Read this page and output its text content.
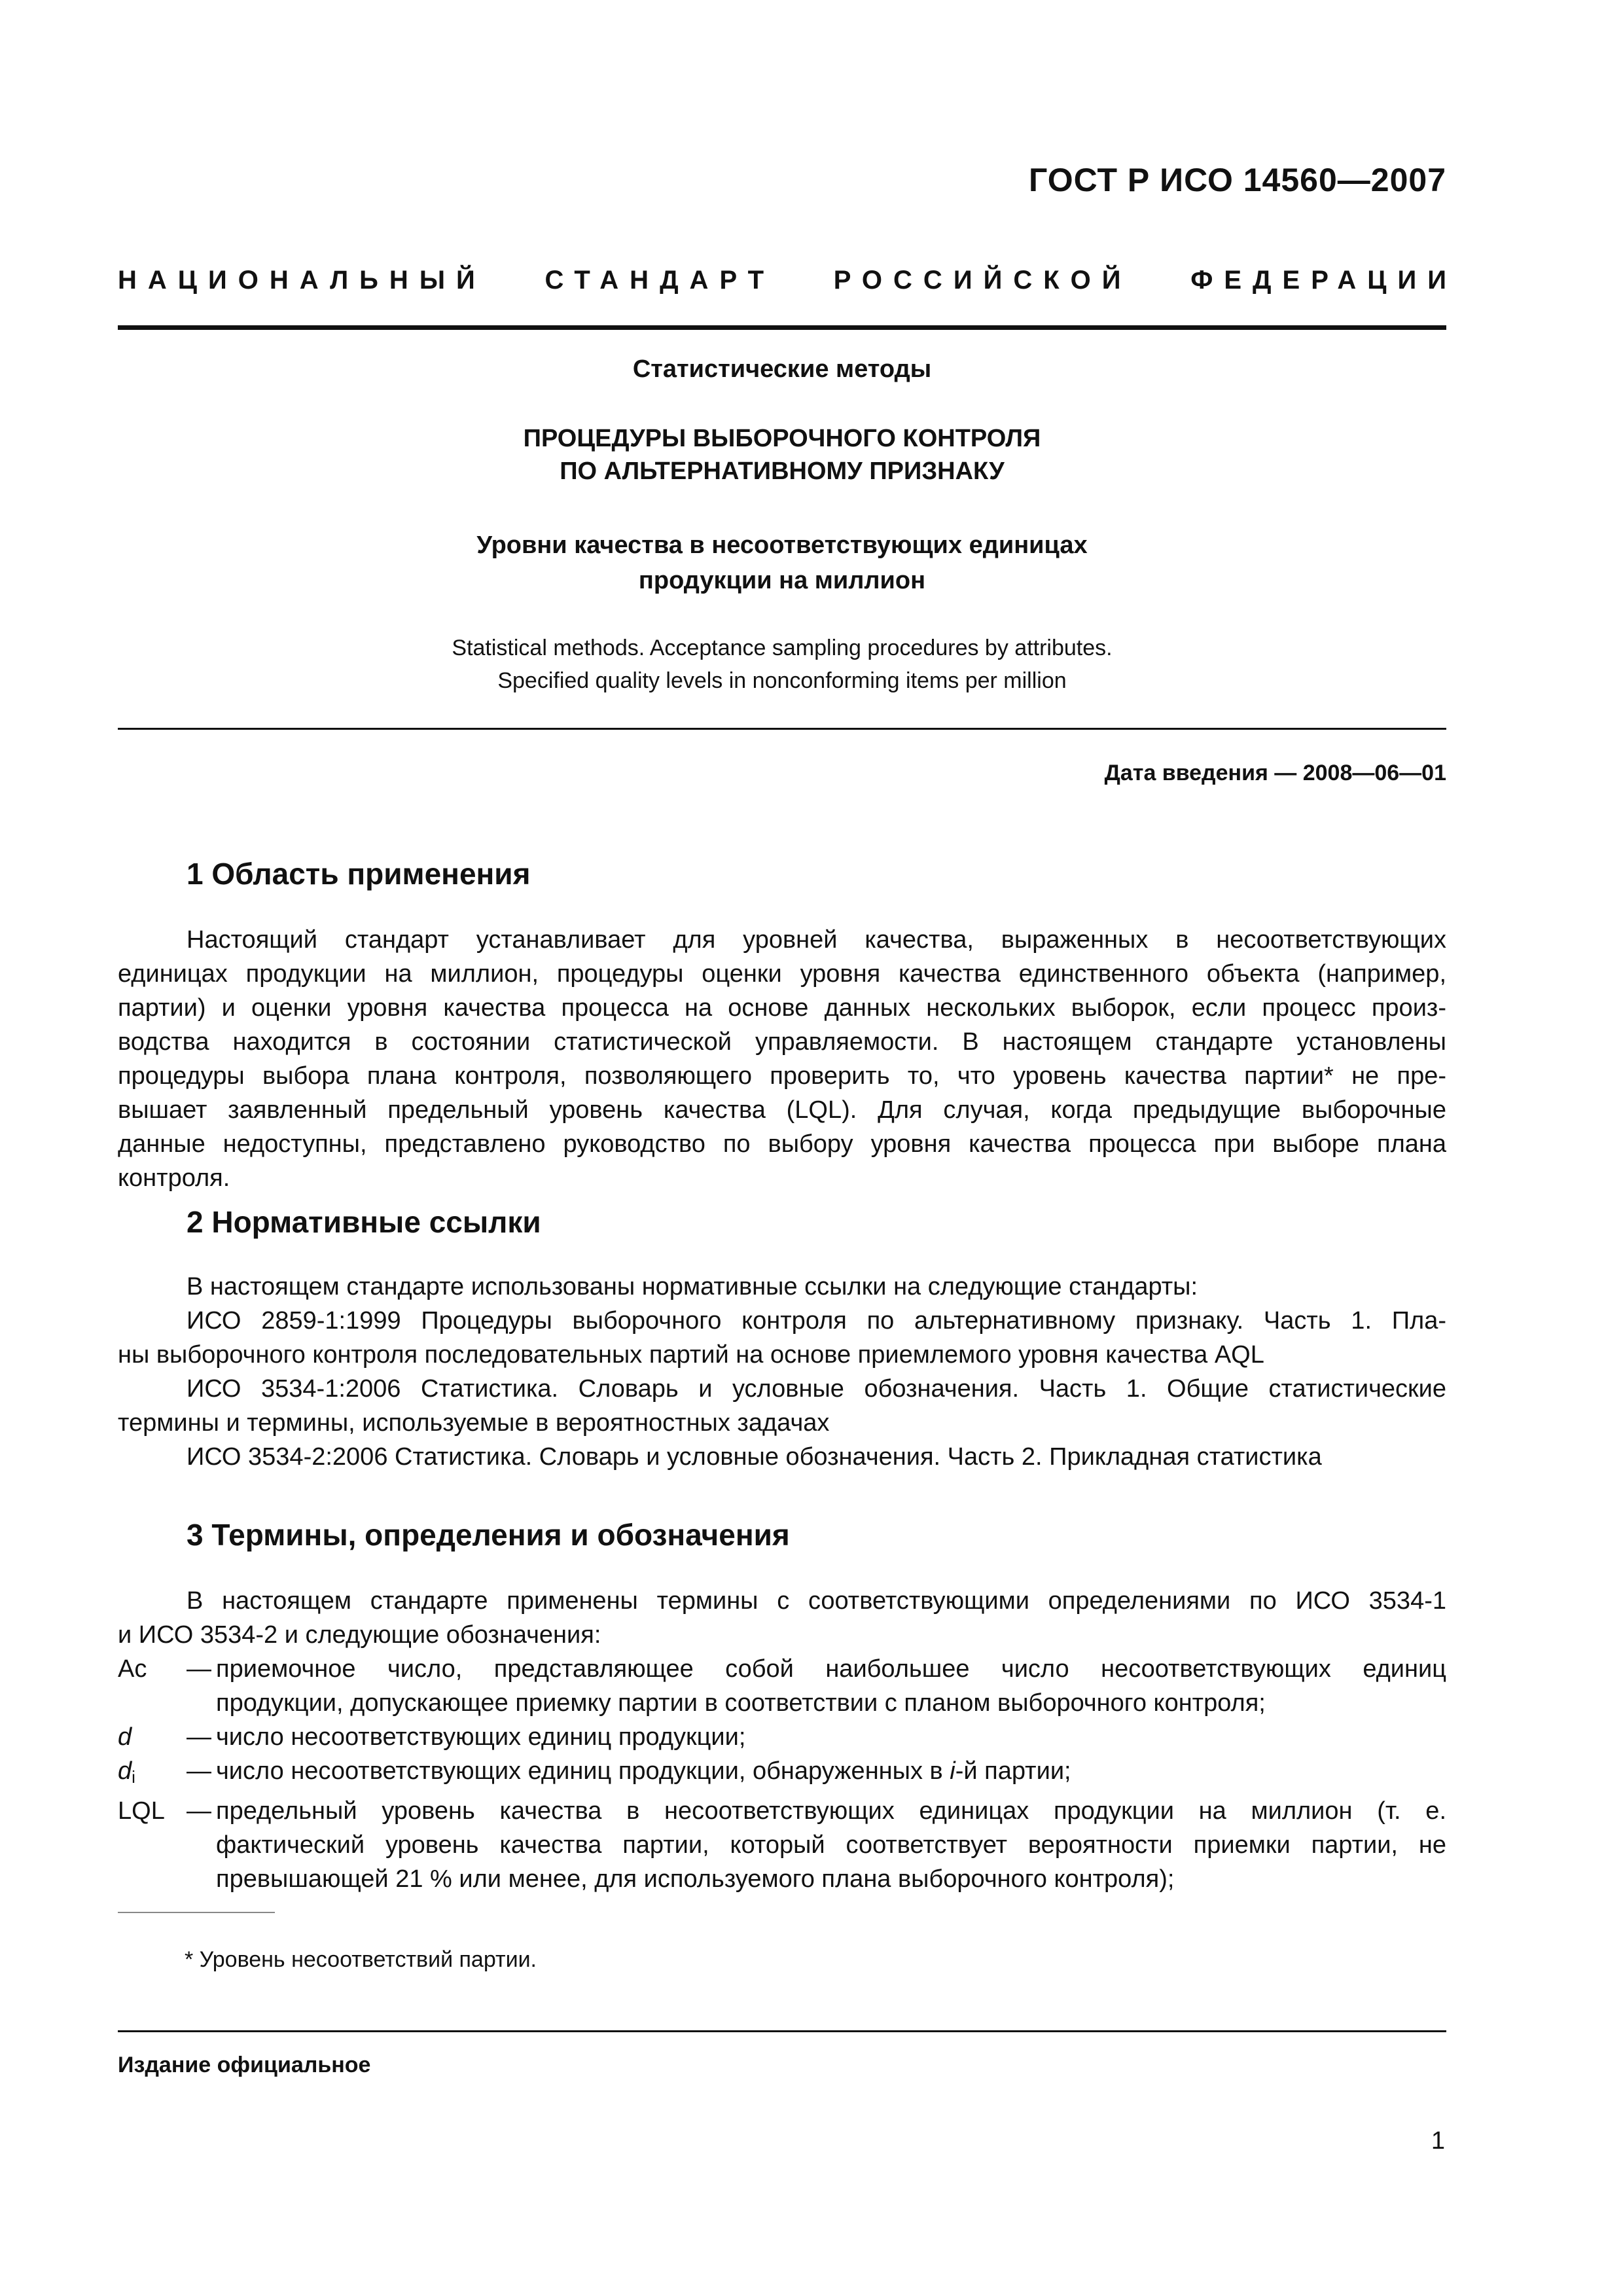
ГОСТ Р ИСО 14560—2007
НАЦИОНАЛЬНЫЙ СТАНДАРТ РОССИЙСКОЙ ФЕДЕРАЦИИ
Статистические методы
ПРОЦЕДУРЫ ВЫБОРОЧНОГО КОНТРОЛЯ
ПО АЛЬТЕРНАТИВНОМУ ПРИЗНАКУ
Уровни качества в несоответствующих единицах
продукции на миллион
Statistical methods. Acceptance sampling procedures by attributes.
Specified quality levels in nonconforming items per million
Дата введения — 2008—06—01
1 Область применения
Настоящий стандарт устанавливает для уровней качества, выраженных в несоответствующих
единицах продукции на миллион, процедуры оценки уровня качества единственного объекта (например,
партии) и оценки уровня качества процесса на основе данных нескольких выборок, если процесс произ-
водства находится в состоянии статистической управляемости. В настоящем стандарте установлены
процедуры выбора плана контроля, позволяющего проверить то, что уровень качества партии* не пре-
вышает заявленный предельный уровень качества (LQL). Для случая, когда предыдущие выборочные
данные недоступны, представлено руководство по выбору уровня качества процесса при выборе плана
контроля.
2 Нормативные ссылки
В настоящем стандарте использованы нормативные ссылки на следующие стандарты:
ИСО 2859-1:1999 Процедуры выборочного контроля по альтернативному признаку. Часть 1. Пла-
ны выборочного контроля последовательных партий на основе приемлемого уровня качества AQL
ИСО 3534-1:2006 Статистика. Словарь и условные обозначения. Часть 1. Общие статистические
термины и термины, используемые в вероятностных задачах
ИСО 3534-2:2006 Статистика. Словарь и условные обозначения. Часть 2. Прикладная статистика
3 Термины, определения и обозначения
В настоящем стандарте применены термины с соответствующими определениями по ИСО 3534-1
и ИСО 3534-2 и следующие обозначения:
Ac	— приемочное число, представляющее собой наибольшее число несоответствующих единиц
продукции, допускающее приемку партии в соответствии с планом выборочного контроля;
d	— число несоответствующих единиц продукции;
$d_i$	— число несоответствующих единиц продукции, обнаруженных в i-й партии;
LQL — предельный уровень качества в несоответствующих единицах продукции на миллион (т. е.
фактический уровень качества партии, который соответствует вероятности приемки партии, не
превышающей 21 % или менее, для используемого плана выборочного контроля);
* Уровень несоответствий партии.
Издание официальное
1
